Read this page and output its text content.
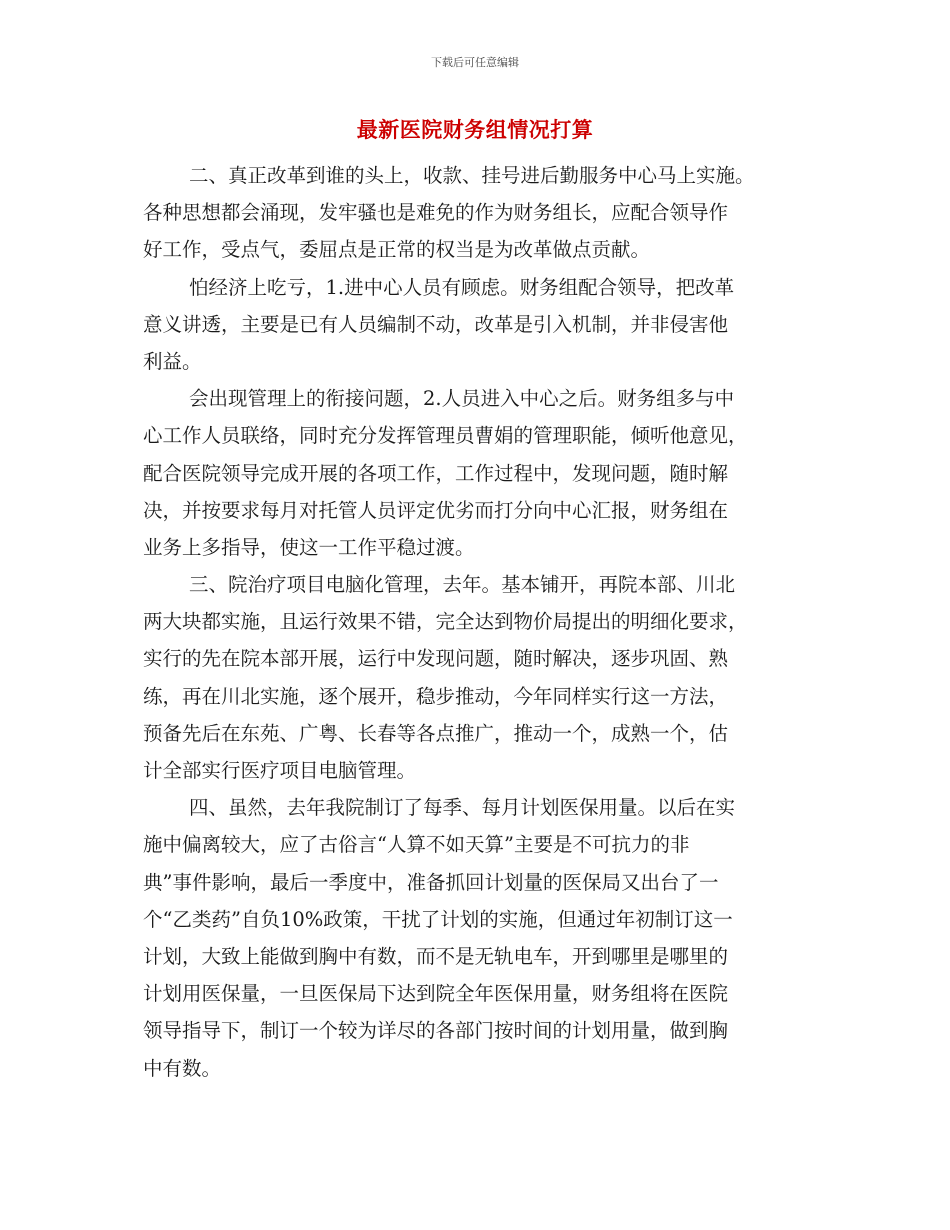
下载后可任意编辑
最新医院财务组情况打算
二、真正改革到谁的头上，收款、挂号进后勤服务中心马上实施。
各种思想都会涌现，发牢骚也是难免的作为财务组长，应配合领导作
好工作，受点气，委屈点是正常的权当是为改革做点贡献。
怕经济上吃亏，1.进中心人员有顾虑。财务组配合领导，把改革
意义讲透，主要是已有人员编制不动，改革是引入机制，并非侵害他
利益。
会出现管理上的衔接问题，2.人员进入中心之后。财务组多与中
心工作人员联络，同时充分发挥管理员曹娟的管理职能，倾听他意见，
配合医院领导完成开展的各项工作，工作过程中，发现问题，随时解
决，并按要求每月对托管人员评定优劣而打分向中心汇报，财务组在
业务上多指导，使这一工作平稳过渡。
三、院治疗项目电脑化管理，去年。基本铺开，再院本部、川北
两大块都实施，且运行效果不错，完全达到物价局提出的明细化要求，
实行的先在院本部开展，运行中发现问题，随时解决，逐步巩固、熟
练，再在川北实施，逐个展开，稳步推动，今年同样实行这一方法，
预备先后在东苑、广粤、长春等各点推广，推动一个，成熟一个，估
计全部实行医疗项目电脑管理。
四、虽然，去年我院制订了每季、每月计划医保用量。以后在实
施中偏离较大，应了古俗言“人算不如天算”主要是不可抗力的非
典”事件影响，最后一季度中，准备抓回计划量的医保局又出台了一
个“乙类药”自负10%政策，干扰了计划的实施，但通过年初制订这一
计划，大致上能做到胸中有数，而不是无轨电车，开到哪里是哪里的
计划用医保量，一旦医保局下达到院全年医保用量，财务组将在医院
领导指导下，制订一个较为详尽的各部门按时间的计划用量，做到胸
中有数。
